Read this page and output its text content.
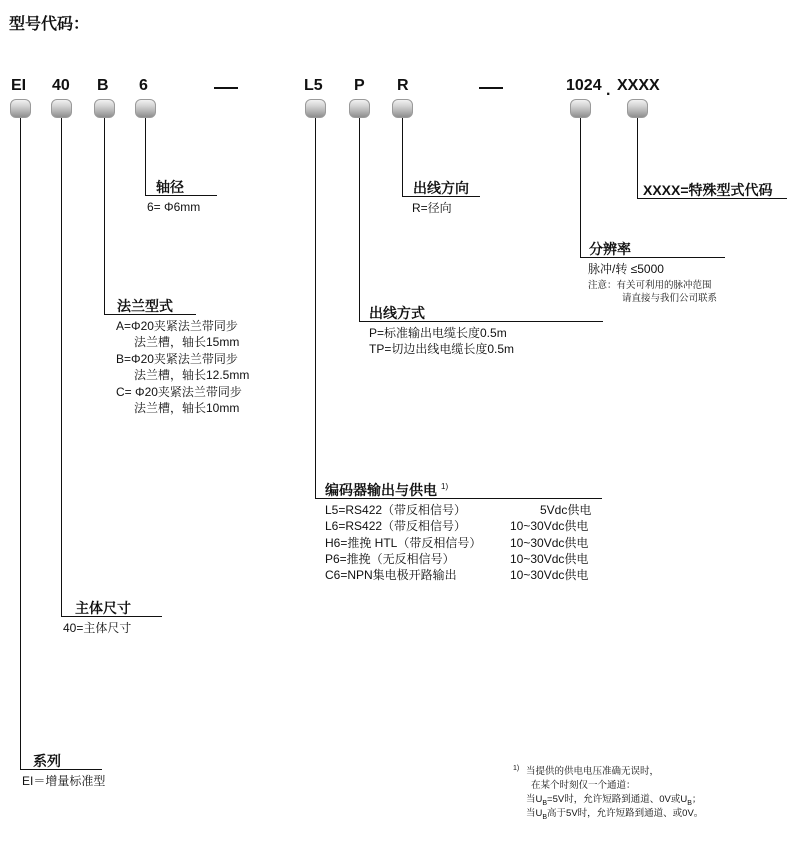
型号代码：
EI 40 B 6	L5 P R	1024 . XXXX
轴径
6= Φ6mm
出线方向
R=径向
XXXX=特殊型式代码
分辨率
脉冲/转 ≤5000
注意：有关可利用的脉冲范围
请直接与我们公司联系
法兰型式
A=Φ20夹紧法兰带同步
法兰槽，轴长15mm
B=Φ20夹紧法兰带同步
法兰槽，轴长12.5mm
C= Φ20夹紧法兰带同步
法兰槽，轴长10mm
出线方式
P=标准输出电缆长度0.5m
TP=切边出线电缆长度0.5m
编码器输出与供电 $^{1)}$
L5=RS422（带反相信号）	5Vdc供电
L6=RS422（带反相信号）	10~30Vdc供电
H6=推挽 HTL（带反相信号） 10~30Vdc供电
P6=推挽（无反相信号）	10~30Vdc供电
C6=NPN集电极开路输出	10~30Vdc供电
主体尺寸
40=主体尺寸
系列
EI＝增量标准型
1) 当提供的供电电压准确无误时，
在某个时刻仅一个通道：
当$U_B=5V$时，允许短路到通道、0V或$U_B$；
当$U_B$高于5V时，允许短路到通道、或0V。
